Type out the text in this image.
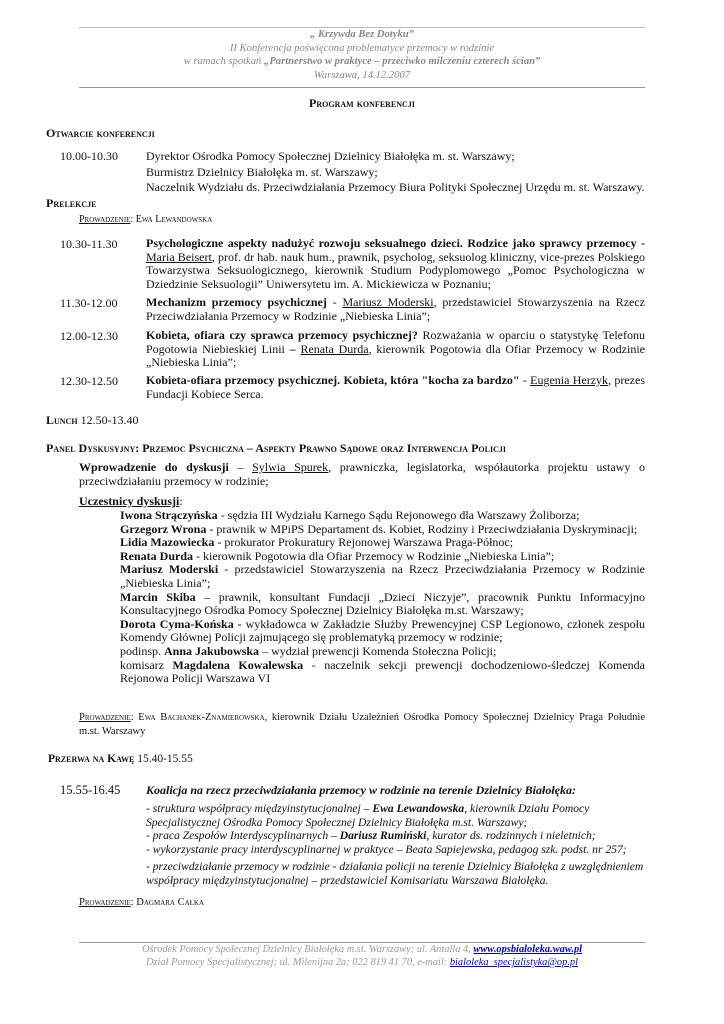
„ Krzywda Bez Dotyku”
II Konferencja poświęcona problematyce przemocy w rodzinie
w ramach spotkań „Partnerstwo w praktyce – przeciwko milczeniu czterech ścian”
Warszawa, 14.12.2007
Program konferencji
Otwarcie konferencji
10.00-10.30 Dyrektor Ośrodka Pomocy Społecznej Dzielnicy Białołęka m. st. Warszawy;
Burmistrz Dzielnicy Białołęka m. st. Warszawy;
Naczelnik Wydziału ds. Przeciwdziałania Przemocy Biura Polityki Społecznej Urzędu m. st. Warszawy.
Prelekcje
Prowadzenie: Ewa Lewandowska
10.30-11.30 Psychologiczne aspekty nadużyć rozwoju seksualnego dzieci. Rodzice jako sprawcy przemocy - Maria Beisert, prof. dr hab. nauk hum., prawnik, psycholog, seksuolog kliniczny, vice-prezes Polskiego Towarzystwa Seksuologicznego, kierownik Studium Podyplomowego „Pomoc Psychologiczna w Dziedzinie Seksuologii” Uniwersytetu im. A. Mickiewicza w Poznaniu;
11.30-12.00 Mechanizm przemocy psychicznej - Mariusz Moderski, przedstawiciel Stowarzyszenia na Rzecz Przeciwdziałania Przemocy w Rodzinie „Niebieska Linia”;
12.00-12.30 Kobieta, ofiara czy sprawca przemocy psychicznej? Rozważania w oparciu o statystykę Telefonu Pogotowia Niebieskiej Linii – Renata Durda, kierownik Pogotowia dla Ofiar Przemocy w Rodzinie „Niebieska Linia”;
12.30-12.50 Kobieta-ofiara przemocy psychicznej. Kobieta, która "kocha za bardzo" - Eugenia Herzyk, prezes Fundacji Kobiece Serca.
Lunch 12.50-13.40
Panel Dyskusyjny: Przemoc Psychiczna – Aspekty Prawno Sądowe oraz Interwencja Policji
Wprowadzenie do dyskusji – Sylwia Spurek, prawniczka, legislatorka, współautorka projektu ustawy o przeciwdziałaniu przemocy w rodzinie;
Uczestnicy dyskusji:
Iwona Strączyńska - sędzia III Wydziału Karnego Sądu Rejonowego dla Warszawy Żoliborza;
Grzegorz Wrona - prawnik w MPiPS Departament ds. Kobiet, Rodziny i Przeciwdziałania Dyskryminacji;
Lidia Mazowiecka - prokurator Prokuratury Rejonowej Warszawa Praga-Północ;
Renata Durda - kierownik Pogotowia dla Ofiar Przemocy w Rodzinie „Niebieska Linia”;
Mariusz Moderski - przedstawiciel Stowarzyszenia na Rzecz Przeciwdziałania Przemocy w Rodzinie „Niebieska Linia”;
Marcin Skiba – prawnik, konsultant Fundacji „Dzieci Niczyje”, pracownik Punktu Informacyjno Konsultacyjnego Ośrodka Pomocy Społecznej Dzielnicy Białołęka m.st. Warszawy;
Dorota Cyma-Końska - wykładowca w Zakładzie Służby Prewencyjnej CSP Legionowo, członek zespołu Komendy Głównej Policji zajmującego się problematyką przemocy w rodzinie;
podinsp. Anna Jakubowska – wydział prewencji Komenda Stołeczna Policji;
komisarz Magdalena Kowalewska - naczelnik sekcji prewencji dochodzeniowo-śledczej Komenda Rejonowa Policji Warszawa VI
Prowadzenie: Ewa Bachanek-Znamierowska, kierownik Działu Uzależnień Ośrodka Pomocy Społecznej Dzielnicy Praga Południe m.st. Warszawy
Przerwa na Kawę 15.40-15.55
15.55-16.45 Koalicja na rzecz przeciwdziałania przemocy w rodzinie na terenie Dzielnicy Białołęka:
- struktura współpracy międzyinstytucjonalnej – Ewa Lewandowska, kierownik Działu Pomocy Specjalistycznej Ośrodka Pomocy Społecznej Dzielnicy Białołęka m.st. Warszawy;
- praca Zespołów Interdyscyplinarnych – Dariusz Rumiński, kurator ds. rodzinnych i nieletnich;
- wykorzystanie pracy interdyscyplinarnej w praktyce – Beata Sapiejewska, pedagog szk. podst. nr 257;
- przeciwdziałanie przemocy w rodzinie - działania policji na terenie Dzielnicy Białołęka z uwzględnieniem współpracy międzyinstytucjonalnej – przedstawiciel Komisariatu Warszawa Białołęka.
Prowadzenie: Dagmara Całka
Ośrodek Pomocy Społecznej Dzielnicy Białołęka m.st. Warszawy; ul. Antalla 4, www.opsbialoleka.waw.pl
Dział Pomocy Specjalistycznej; ul. Milenijna 2a; 022 819 41 70, e-mail: bialoleka_specjalistyka@op.pl
